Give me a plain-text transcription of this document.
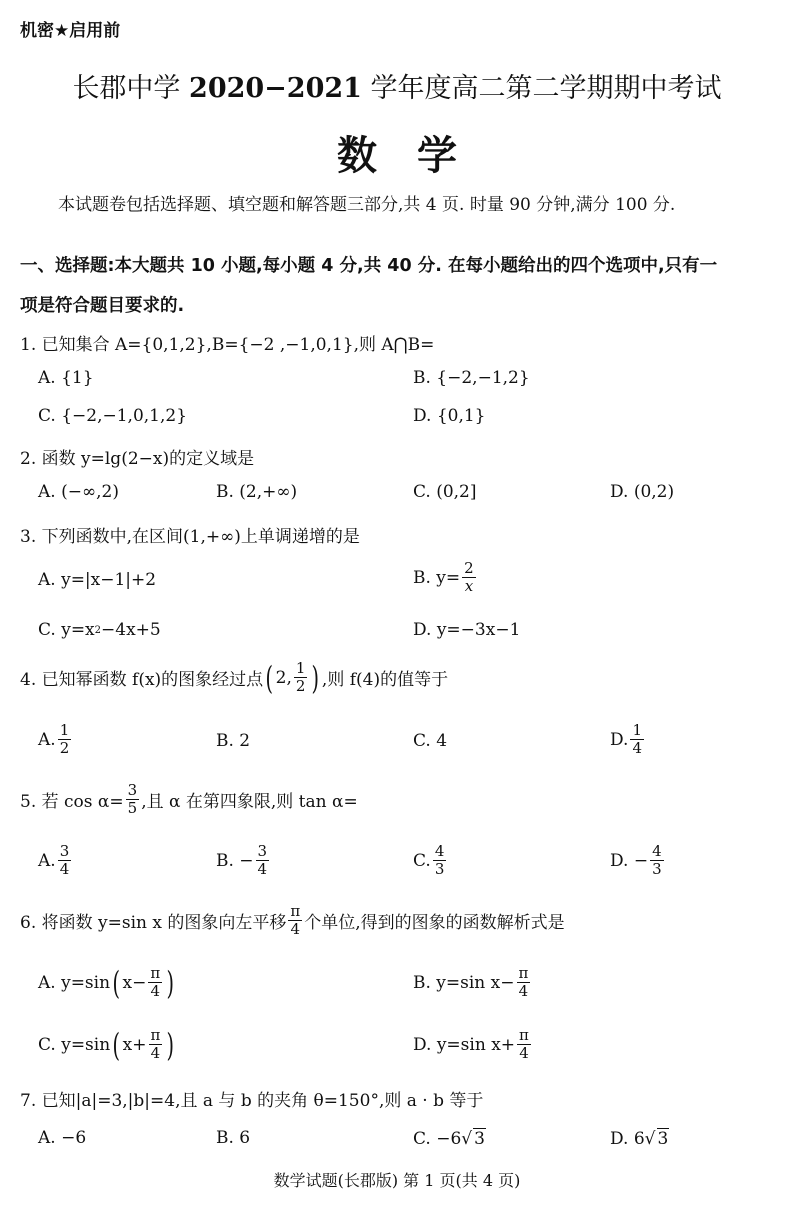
机密★启用前
长郡中学 2020−2021 学年度高二第二学期期中考试
数学
本试题卷包括选择题、填空题和解答题三部分,共 4 页. 时量 90 分钟,满分 100 分.
一、选择题:本大题共 10 小题,每小题 4 分,共 40 分. 在每小题给出的四个选项中,只有一
项是符合题目要求的.
1. 已知集合 A={0,1,2},B={−2 ,−1,0,1},则 A⋂B=
A. {1}	B. {−2,−1,2}
C. {−2,−1,0,1,2}	D. {0,1}
2. 函数 y=lg(2−x)的定义域是
A. (−∞,2)	B. (2,+∞)	C. (0,2]	D. (0,2)
3. 下列函数中,在区间(1,+∞)上单调递增的是
A. y=|x−1|+2	B. $y= \frac{2}{x}$
C. y=x 2 −4x+5	D. y=−3x−1
4. 已知幂函数 f(x)的图象经过点 ( 2, $\frac{1}{2}$ ) ,则 f(4)的值等于
A. $\frac{1}{2}$	B. 2	C. 4	D. $\frac{1}{4}$
5. 若 $\cos \alpha= \frac{3}{5}$ ,且 α 在第四象限,则 tan α=
A. $\frac{3}{4}$	B. − $\frac{3}{4}$	C. $\frac{4}{3}$	D. − $\frac{4}{3}$
6. 将函数 y=sin x 的图象向左平移 $\frac{\pi}{4}$ 个单位,得到的图象的函数解析式是
A. y=sin ( $x- \frac{\pi}{4}$ )	B. y=sin $x- \frac{\pi}{4}$
C. y=sin ( $x+ \frac{\pi}{4}$ )	D. y=sin $x+ \frac{\pi}{4}$
7. 已知|a|=3,|b|=4,且 a 与 b 的夹角 θ=150°,则 a · b 等于
A. −6	B. 6	C. −6 √ 3	D. 6 √ 3
数学试题(长郡版) 第 1 页(共 4 页)
